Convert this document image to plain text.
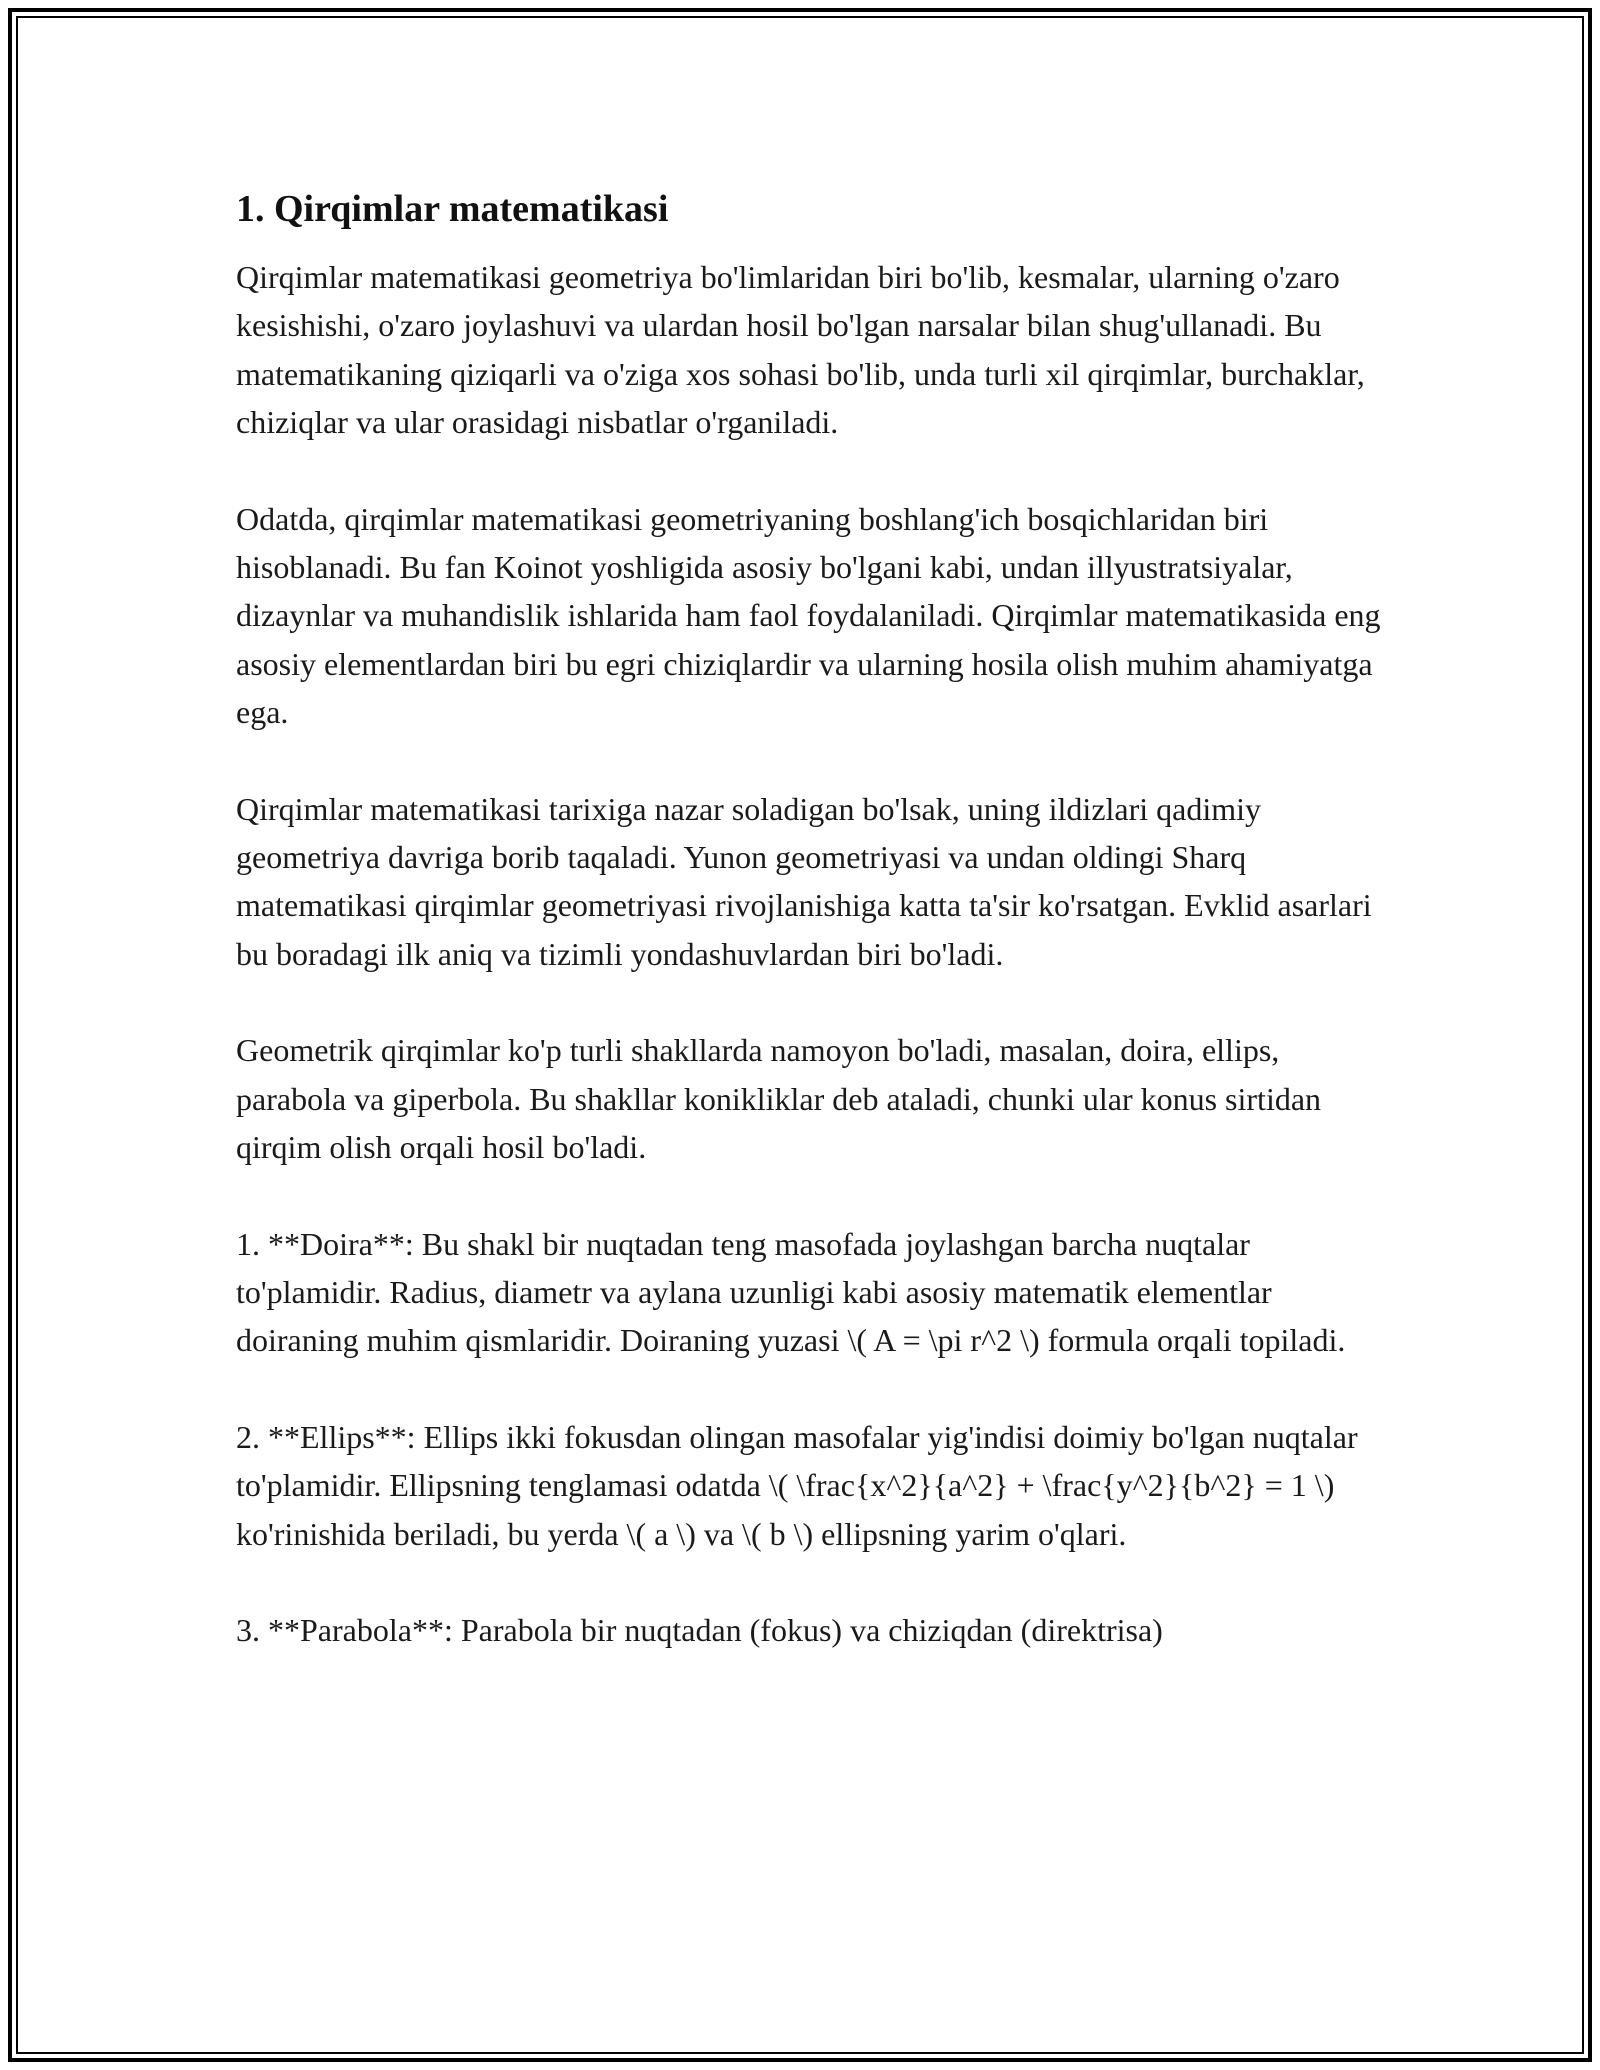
1. Qirqimlar matematikasi

Qirqimlar matematikasi geometriya bo'limlaridan biri bo'lib, kesmalar, ularning o'zaro kesishishi, o'zaro joylashuvi va ulardan hosil bo'lgan narsalar bilan shug'ullanadi. Bu matematikaning qiziqarli va o'ziga xos sohasi bo'lib, unda turli xil qirqimlar, burchaklar, chiziqlar va ular orasidagi nisbatlar o'rganiladi.

Odatda, qirqimlar matematikasi geometriyaning boshlang'ich bosqichlaridan biri hisoblanadi. Bu fan Koinot yoshligida asosiy bo'lgani kabi, undan illyustratsiyalar, dizaynlar va muhandislik ishlarida ham faol foydalaniladi. Qirqimlar matematikasida eng asosiy elementlardan biri bu egri chiziqlardir va ularning hosila olish muhim ahamiyatga ega.

Qirqimlar matematikasi tarixiga nazar soladigan bo'lsak, uning ildizlari qadimiy geometriya davriga borib taqaladi. Yunon geometriyasi va undan oldingi Sharq matematikasi qirqimlar geometriyasi rivojlanishiga katta ta'sir ko'rsatgan. Evklid asarlari bu boradagi ilk aniq va tizimli yondashuvlardan biri bo'ladi.

Geometrik qirqimlar ko'p turli shakllarda namoyon bo'ladi, masalan, doira, ellips, parabola va giperbola. Bu shakllar konikliklar deb ataladi, chunki ular konus sirtidan qirqim olish orqali hosil bo'ladi.

1. **Doira**: Bu shakl bir nuqtadan teng masofada joylashgan barcha nuqtalar to'plamidir. Radius, diametr va aylana uzunligi kabi asosiy matematik elementlar doiraning muhim qismlaridir. Doiraning yuzasi \( A = \pi r^2 \) formula orqali topiladi.

2. **Ellips**: Ellips ikki fokusdan olingan masofalar yig'indisi doimiy bo'lgan nuqtalar to'plamidir. Ellipsning tenglamasi odatda \( \frac{x^2}{a^2} + \frac{y^2}{b^2} = 1 \) ko'rinishida beriladi, bu yerda \( a \) va \( b \) ellipsning yarim o'qlari.

3. **Parabola**: Parabola bir nuqtadan (fokus) va chiziqdan (direktrisa)
